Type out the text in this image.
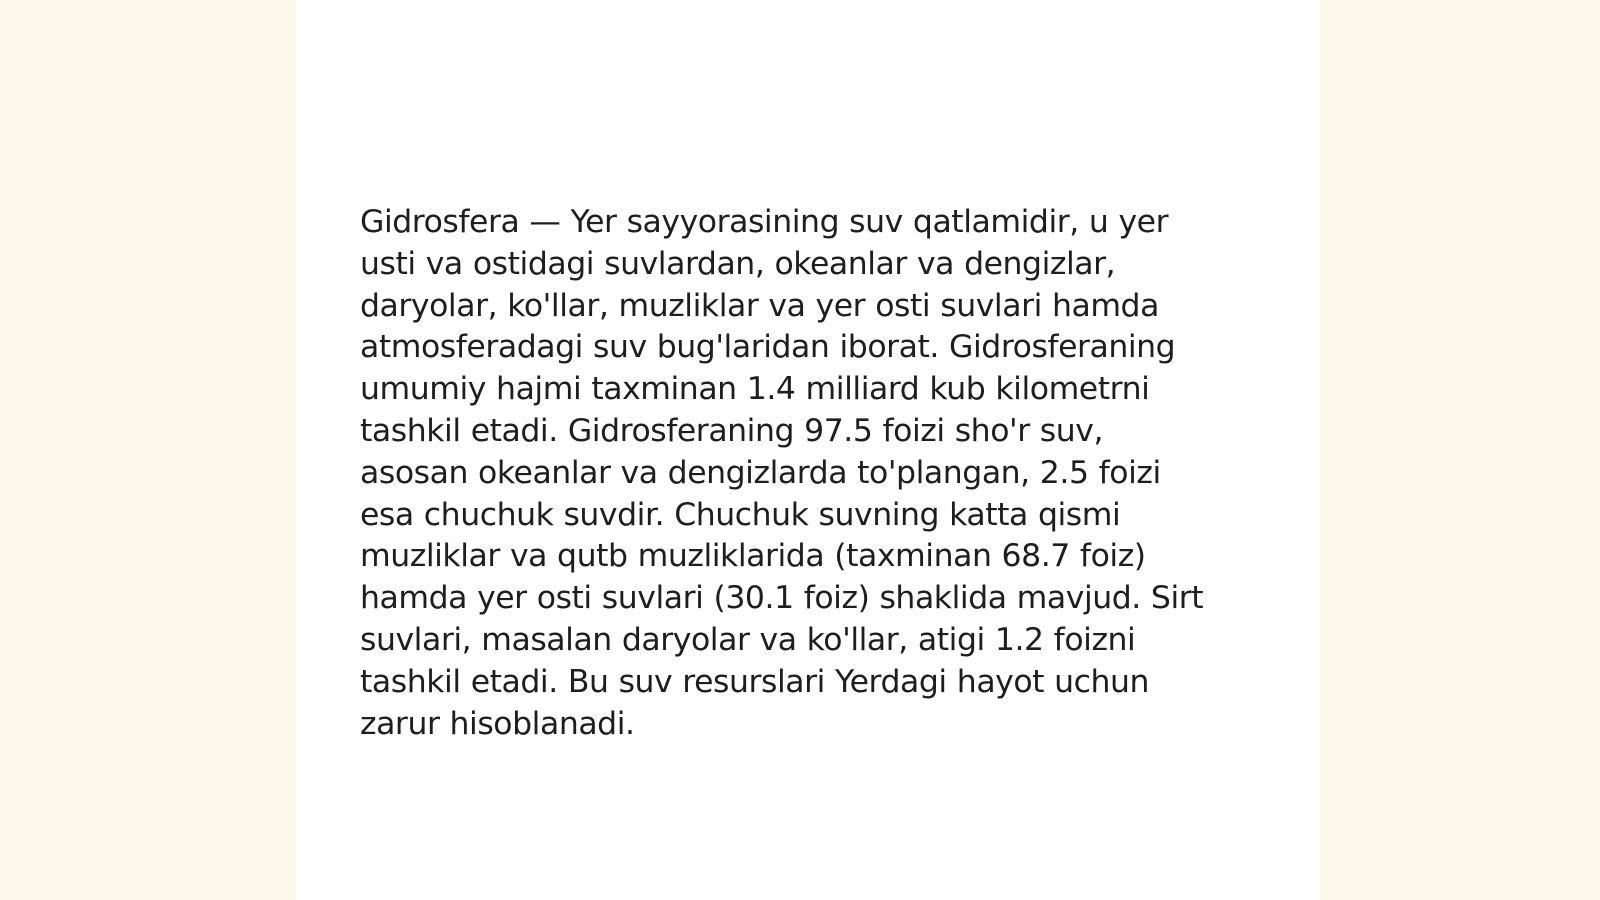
Gidrosfera — Yer sayyorasining suv qatlamidir, u yer
usti va ostidagi suvlardan, okeanlar va dengizlar,
daryolar, ko'llar, muzliklar va yer osti suvlari hamda
atmosferadagi suv bug'laridan iborat. Gidrosferaning
umumiy hajmi taxminan 1.4 milliard kub kilometrni
tashkil etadi. Gidrosferaning 97.5 foizi sho'r suv,
asosan okeanlar va dengizlarda to'plangan, 2.5 foizi
esa chuchuk suvdir. Chuchuk suvning katta qismi
muzliklar va qutb muzliklarida (taxminan 68.7 foiz)
hamda yer osti suvlari (30.1 foiz) shaklida mavjud. Sirt
suvlari, masalan daryolar va ko'llar, atigi 1.2 foizni
tashkil etadi. Bu suv resurslari Yerdagi hayot uchun
zarur hisoblanadi.
